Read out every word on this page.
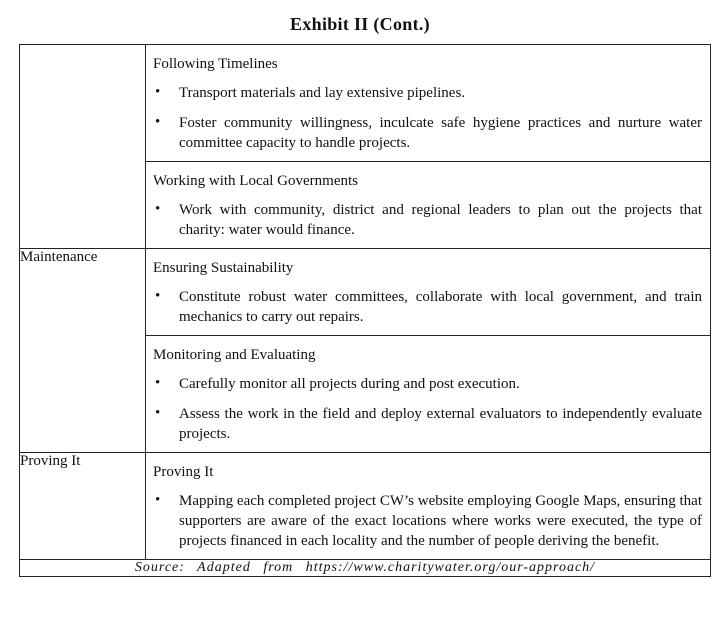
Exhibit II (Cont.)

	Following Timelines
• Transport materials and lay extensive pipelines.
• Foster community willingness, inculcate safe hygiene practices and nurture water committee capacity to handle projects.

	Working with Local Governments
• Work with community, district and regional leaders to plan out the projects that charity: water would finance.

Maintenance	Ensuring Sustainability
• Constitute robust water committees, collaborate with local government, and train mechanics to carry out repairs.

	Monitoring and Evaluating
• Carefully monitor all projects during and post execution.
• Assess the work in the field and deploy external evaluators to independently evaluate projects.

Proving It	Proving It
• Mapping each completed project CW’s website employing Google Maps, ensuring that supporters are aware of the exact locations where works were executed, the type of projects financed in each locality and the number of people deriving the benefit.

Source: Adapted from https://www.charitywater.org/our-approach/	
